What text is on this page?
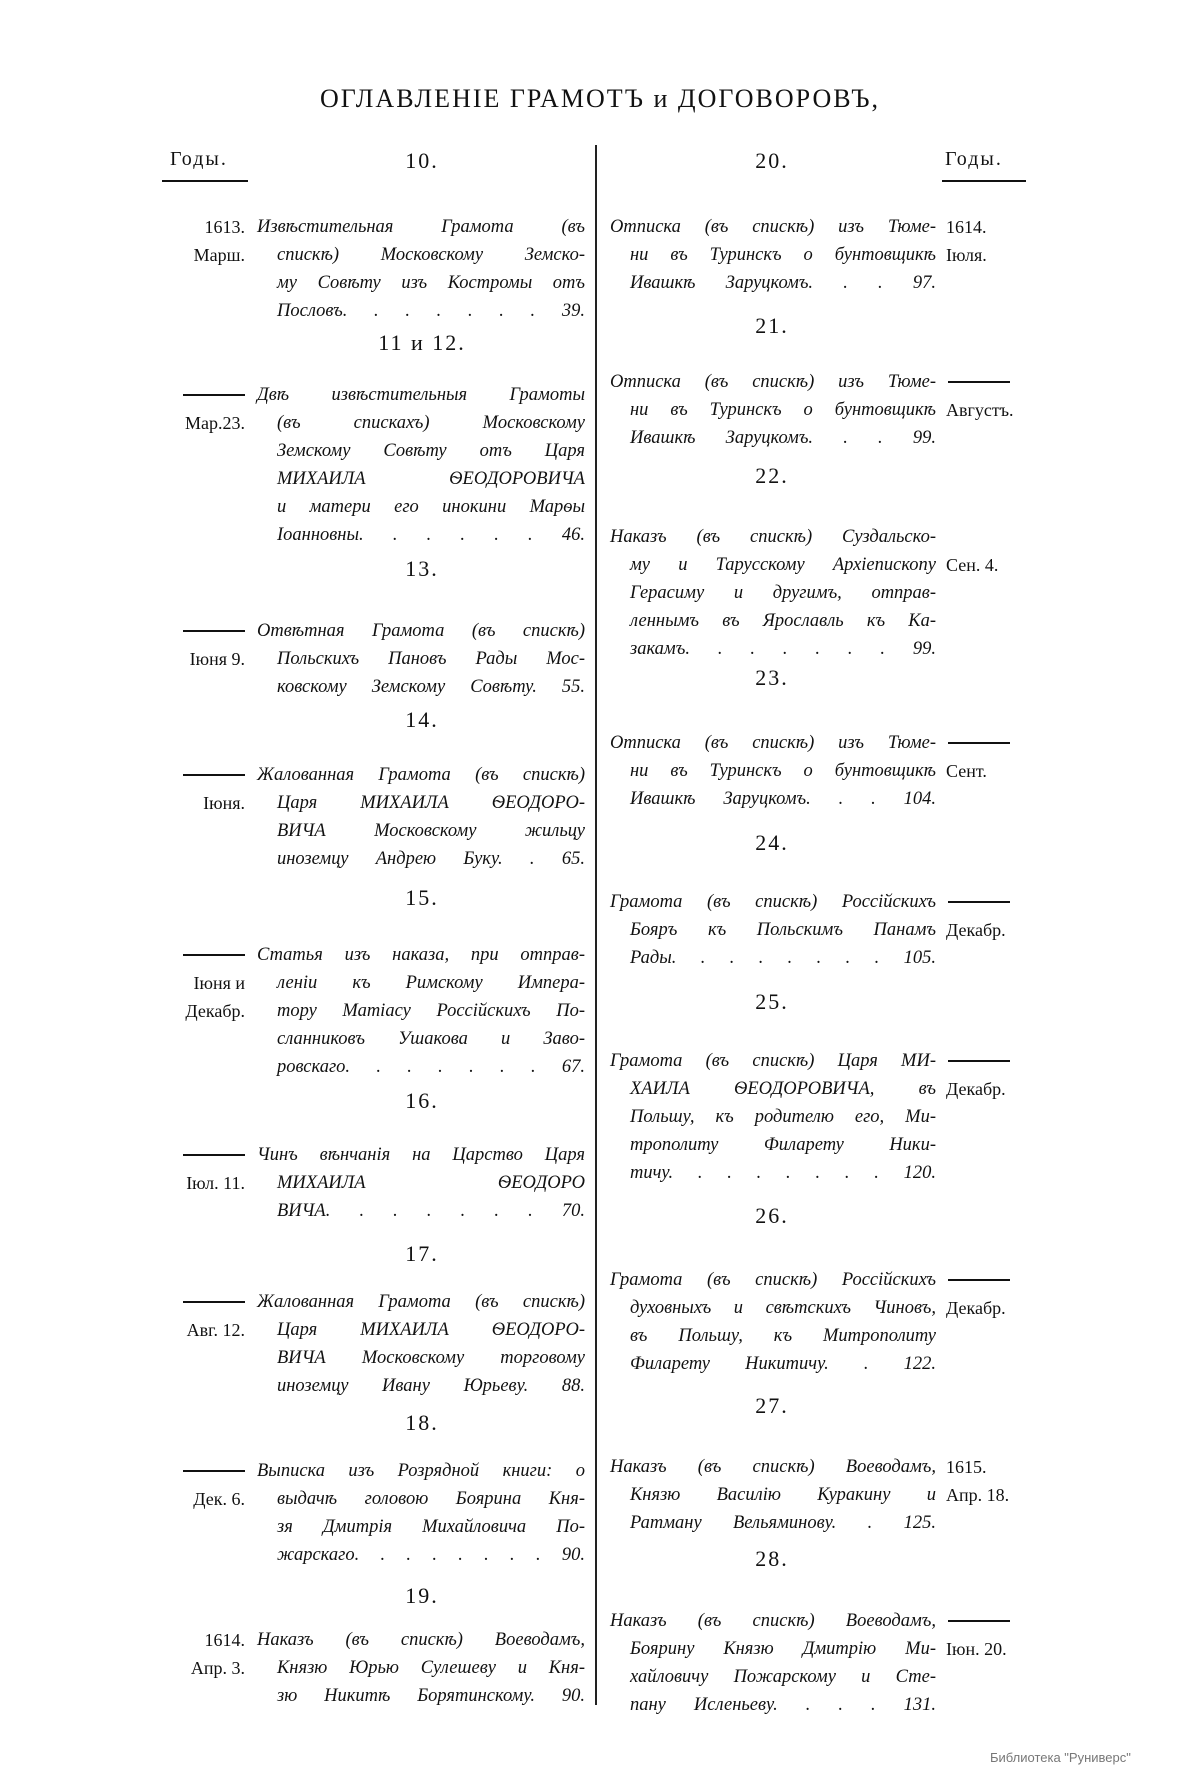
ОГЛАВЛЕНІЕ ГРАМОТЪ и ДОГОВОРОВЪ,
Годы.	Годы.
10.
Извѣстительная Грамота (въ
спискѣ) Московскому Земско-
му Совѣту изъ Костромы отъ
Пословъ. . . . . . . 39.
1613.
Марш.
11 и 12.
Двѣ извѣстительныя Грамоты
(въ спискахъ) Московскому
Земскому Совѣту отъ Царя
МИХАИЛА ѲЕОДОРОВИЧА
и матери его инокини Марѳы
Іоанновны. . . . . . 46.
Мар.23.
13.
Отвѣтная Грамота (въ спискѣ)
Польскихъ Пановъ Рады Мос-
ковскому Земскому Совѣту. 55.
Іюня 9.
14.
Жалованная Грамота (въ спискѣ)
Царя МИХАИЛА ѲЕОДОРО-
ВИЧА Московскому жильцу
иноземцу Андрею Буку. . 65.
Іюня.
15.
Статья изъ наказа, при отправ-
леніи къ Римскому Импера-
тору Матіасу Россійскихъ По-
сланниковъ Ушакова и Заво-
ровскаго. . . . . . . 67.
Іюня и
Декабр.
16.
Чинъ вѣнчанія на Царство Царя
МИХАИЛА ѲЕОДОРО
ВИЧА. . . . . . . 70.
Іюл. 11.
17.
Жалованная Грамота (въ спискѣ)
Царя МИХАИЛА ѲЕОДОРО-
ВИЧА Московскому торговому
иноземцу Ивану Юрьеву. 88.
Авг. 12.
18.
Выписка изъ Розрядной книги: о
выдачѣ головою Боярина Кня-
зя Дмитрія Михайловича По-
жарскаго. . . . . . . . 90.
Дек. 6.
19.
Наказъ (въ спискѣ) Воеводамъ,
Князю Юрью Сулешеву и Кня-
зю Никитѣ Борятинскому. 90.
1614.
Апр. 3.
20.
Отписка (въ спискѣ) изъ Тюме-
ни въ Туринскъ о бунтовщикѣ
Ивашкѣ Заруцкомъ. . . 97.
1614.
Іюля.
21.
Отписка (въ спискѣ) изъ Тюме-
ни въ Туринскъ о бунтовщикѣ
Ивашкѣ Заруцкомъ. . . 99.
Августъ.
22.
Наказъ (въ спискѣ) Суздальско-
му и Тарусскому Архіепископу
Герасиму и другимъ, отправ-
леннымъ въ Ярославль къ Ка-
закамъ. . . . . . . 99.
Сен. 4.
23.
Отписка (въ спискѣ) изъ Тюме-
ни въ Туринскъ о бунтовщикѣ
Ивашкѣ Заруцкомъ. . . 104.
Сент.
24.
Грамота (въ спискѣ) Россійскихъ
Бояръ къ Польскимъ Панамъ
Рады. . . . . . . . 105.
Декабр.
25.
Грамота (въ спискѣ) Царя МИ-
ХАИЛА ѲЕОДОРОВИЧА, въ
Польшу, къ родителю его, Ми-
трополиту Филарету Ники-
тичу. . . . . . . . 120.
Декабр.
26.
Грамота (въ спискѣ) Россійскихъ
духовныхъ и свѣтскихъ Чиновъ,
въ Польшу, къ Митрополиту
Филарету Никитичу. . 122.
Декабр.
27.
Наказъ (въ спискѣ) Воеводамъ,
Князю Василію Куракину и
Ратману Вельяминову. . 125.
1615.
Апр. 18.
28.
Наказъ (въ спискѣ) Воеводамъ,
Боярину Князю Дмитрію Ми-
хайловичу Пожарскому и Сте-
пану Исленьеву. . . . 131.
Іюн. 20.
Библиотека "Руниверс"
